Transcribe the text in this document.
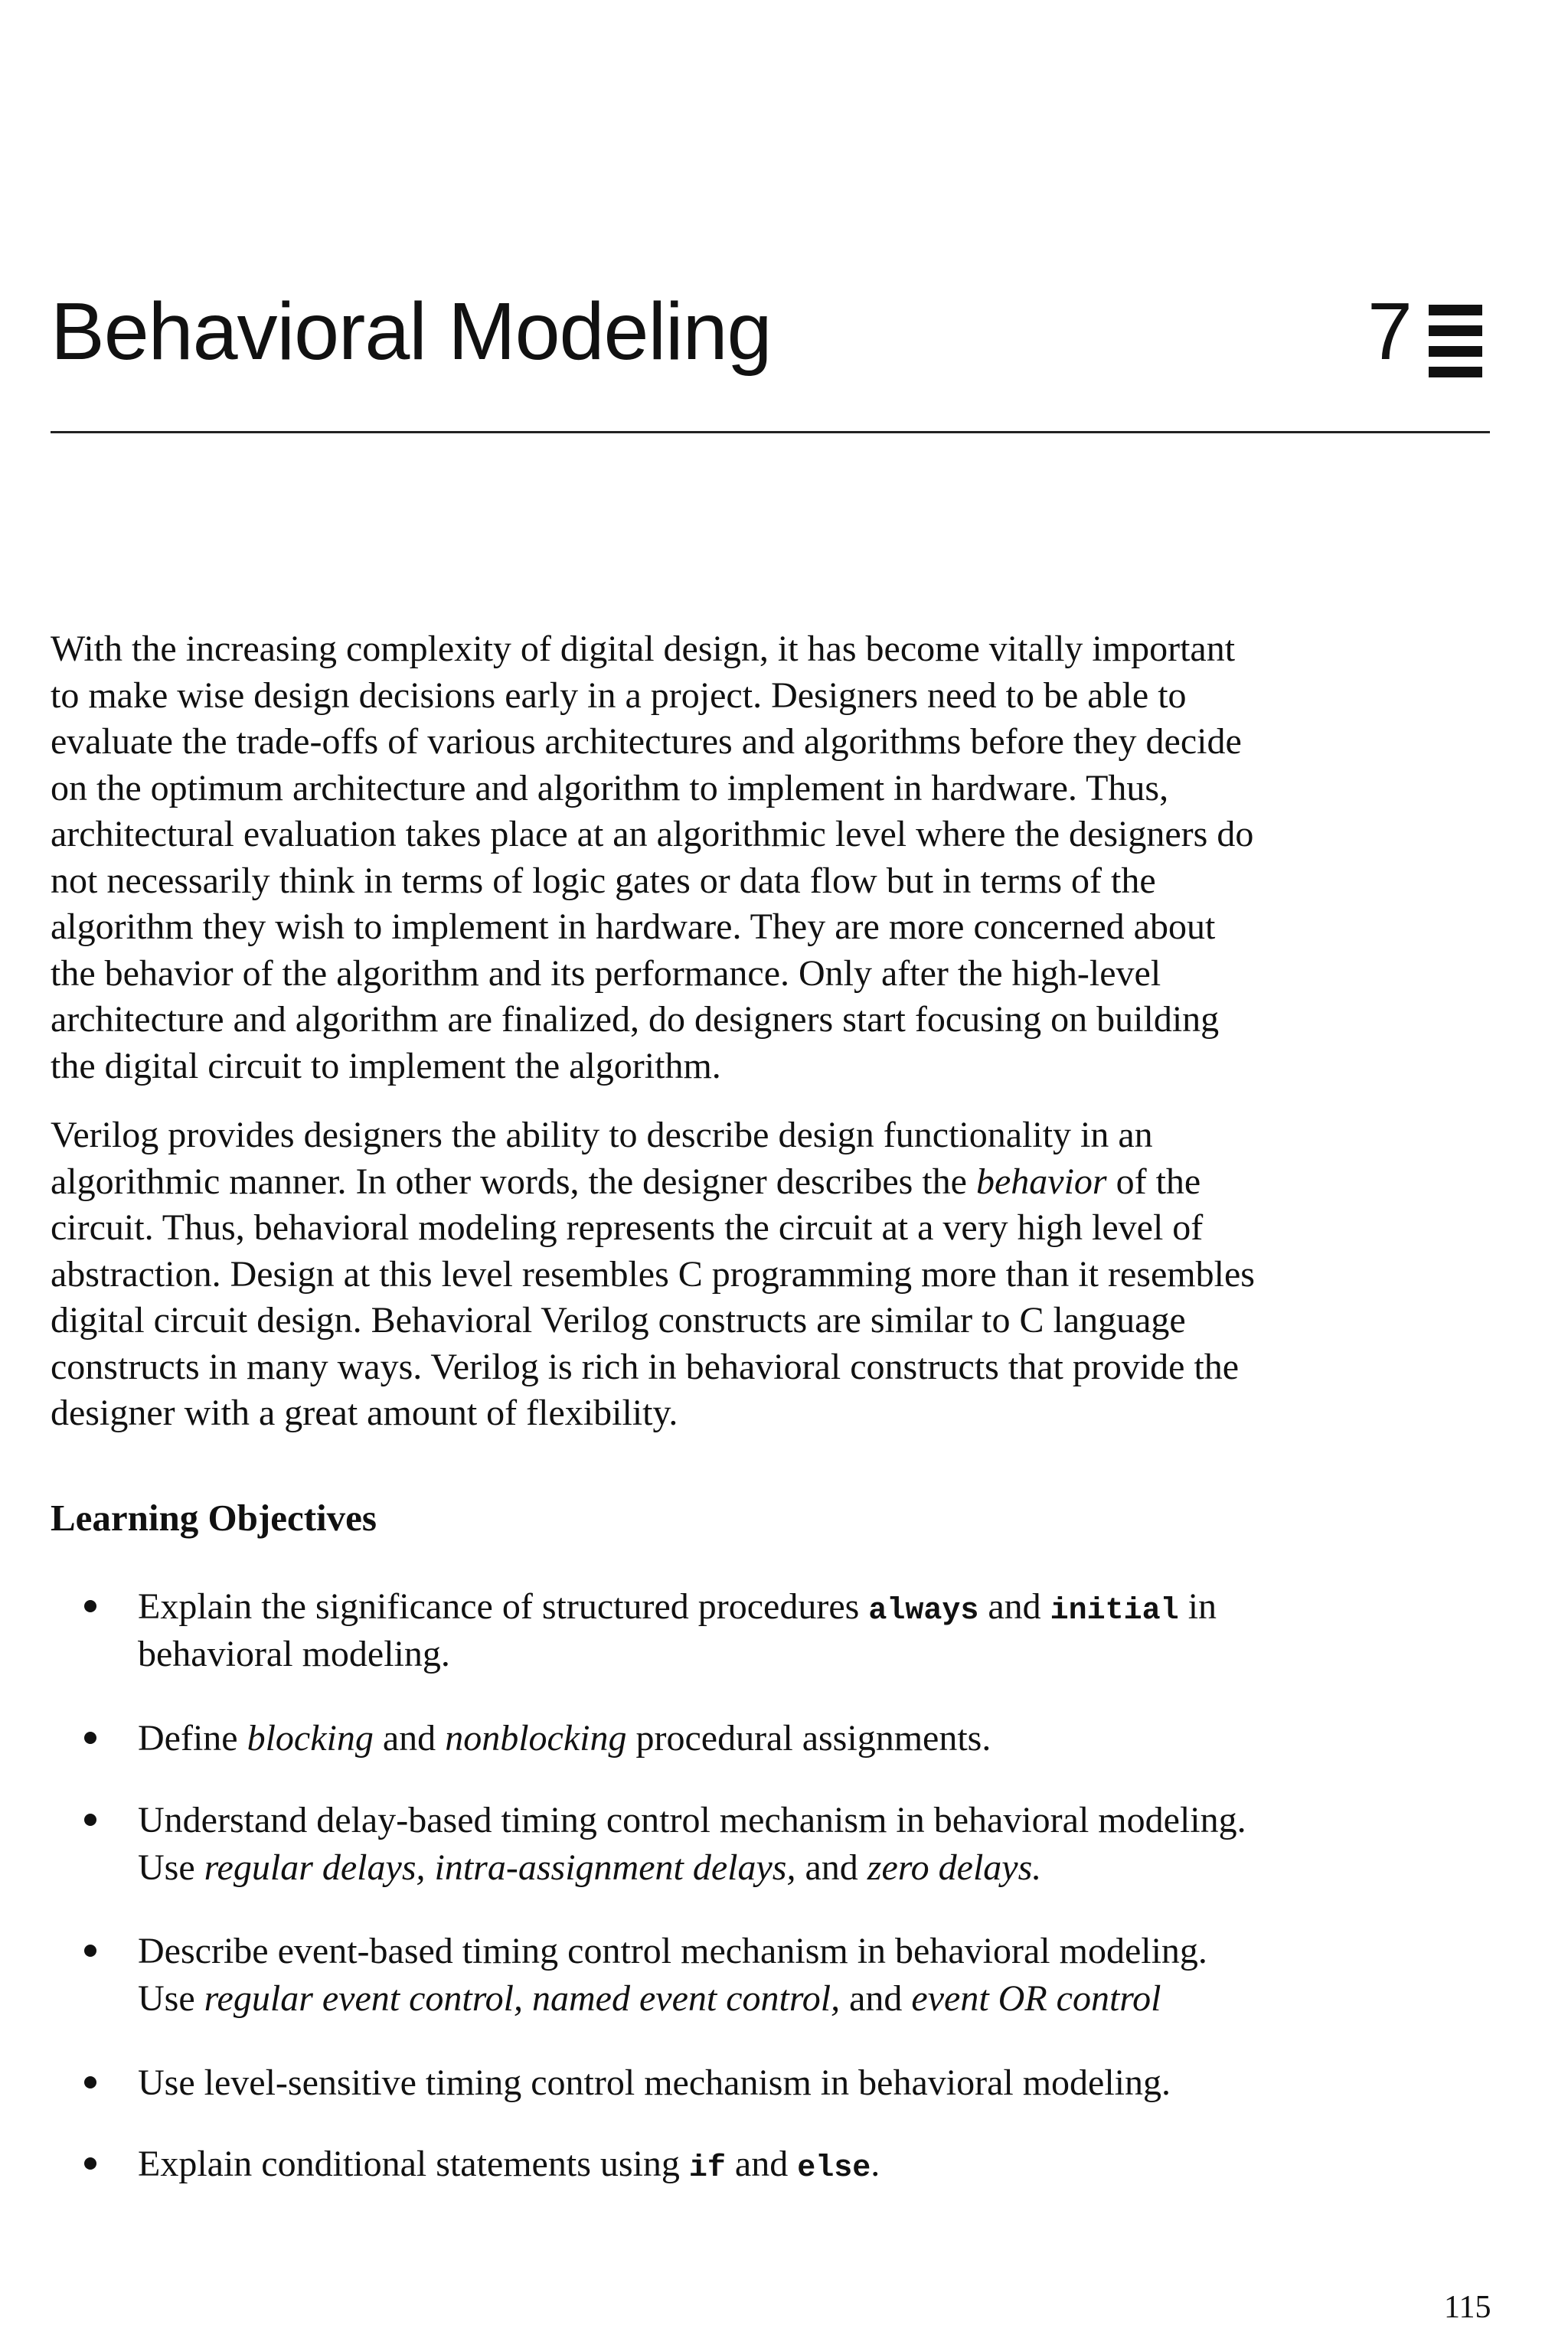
Behavioral Modeling	7

With the increasing complexity of digital design, it has become vitally important
to make wise design decisions early in a project. Designers need to be able to
evaluate the trade-offs of various architectures and algorithms before they decide
on the optimum architecture and algorithm to implement in hardware. Thus,
architectural evaluation takes place at an algorithmic level where the designers do
not necessarily think in terms of logic gates or data flow but in terms of the
algorithm they wish to implement in hardware. They are more concerned about
the behavior of the algorithm and its performance. Only after the high-level
architecture and algorithm are finalized, do designers start focusing on building
the digital circuit to implement the algorithm.

Verilog provides designers the ability to describe design functionality in an
algorithmic manner. In other words, the designer describes the behavior of the
circuit. Thus, behavioral modeling represents the circuit at a very high level of
abstraction. Design at this level resembles C programming more than it resembles
digital circuit design. Behavioral Verilog constructs are similar to C language
constructs in many ways. Verilog is rich in behavioral constructs that provide the
designer with a great amount of flexibility.

Learning Objectives
Explain the significance of structured procedures always and initial in
behavioral modeling.
Define blocking and nonblocking procedural assignments.
Understand delay-based timing control mechanism in behavioral modeling.
Use regular delays, intra-assignment delays, and zero delays.
Describe event-based timing control mechanism in behavioral modeling.
Use regular event control, named event control, and event OR control
Use level-sensitive timing control mechanism in behavioral modeling.
Explain conditional statements using if and else.
115
